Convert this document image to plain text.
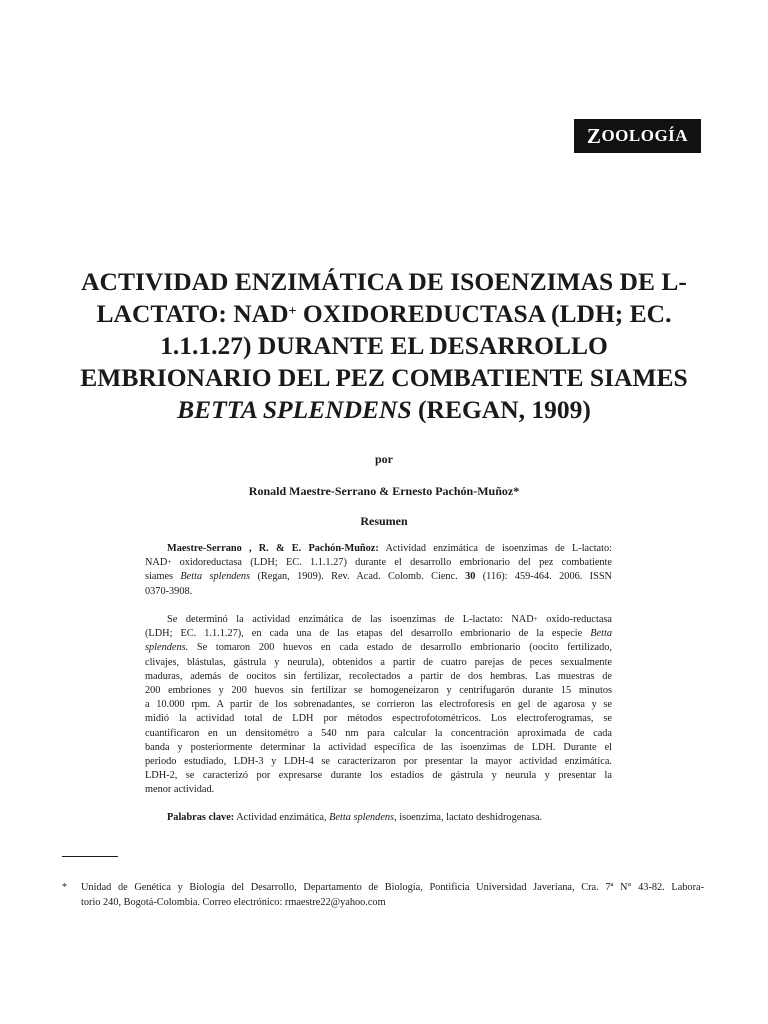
Z OOLOGÍA
ACTIVIDAD ENZIMÁTICA DE ISOENZIMAS DE L-
LACTATO: NAD+ OXIDOREDUCTASA (LDH; EC.
1.1.1.27) DURANTE EL DESARROLLO
EMBRIONARIO DEL PEZ COMBATIENTE SIAMES
BETTA SPLENDENS (REGAN, 1909)
por
Ronald Maestre-Serrano & Ernesto Pachón-Muñoz*
Resumen
Maestre-Serrano , R. & E. Pachón-Muñoz: Actividad enzimática de isoenzimas de L-lactato:
NAD+ oxidoreductasa (LDH; EC. 1.1.1.27) durante el desarrollo embrionario del pez combatiente
siames Betta splendens (Regan, 1909). Rev. Acad. Colomb. Cienc. 30 (116): 459-464. 2006. ISSN
0370-3908.
Se determinó la actividad enzimática de las isoenzimas de L-lactato: NAD+ oxido-reductasa
(LDH; EC. 1.1.1.27), en cada una de las etapas del desarrollo embrionario de la especie Betta
splendens. Se tomaron 200 huevos en cada estado de desarrollo embrionario (oocito fertilizado,
clivajes, blástulas, gástrula y neurula), obtenidos a partir de cuatro parejas de peces sexualmente
maduras, además de oocitos sin fertilizar, recolectados a partir de dos hembras. Las muestras de
200 embriones y 200 huevos sin fertilizar se homogeneizaron y centrifugarón durante 15 minutos
a 10.000 rpm. A partir de los sobrenadantes, se corrieron las electroforesis en gel de agarosa y se
midió la actividad total de LDH por métodos espectrofotométricos. Los electroferogramas, se
cuantificaron en un densitométro a 540 nm para calcular la concentración aproximada de cada
banda y posteriormente determinar la actividad específica de las isoenzimas de LDH. Durante el
periodo estudiado, LDH-3 y LDH-4 se caracterizaron por presentar la mayor actividad enzimática.
LDH-2, se caracterizó por expresarse durante los estadios de gástrula y neurula y presentar la
menor actividad.
Palabras clave: Actividad enzimática, Betta splendens, isoenzima, lactato deshidrogenasa.
*	Unidad de Genética y Biología del Desarrollo, Departamento de Biología, Pontificia Universidad Javeriana, Cra. 7ª N° 43-82. Labora-
torio 240, Bogotá-Colombia. Correo electrónico: rmaestre22@yahoo.com
